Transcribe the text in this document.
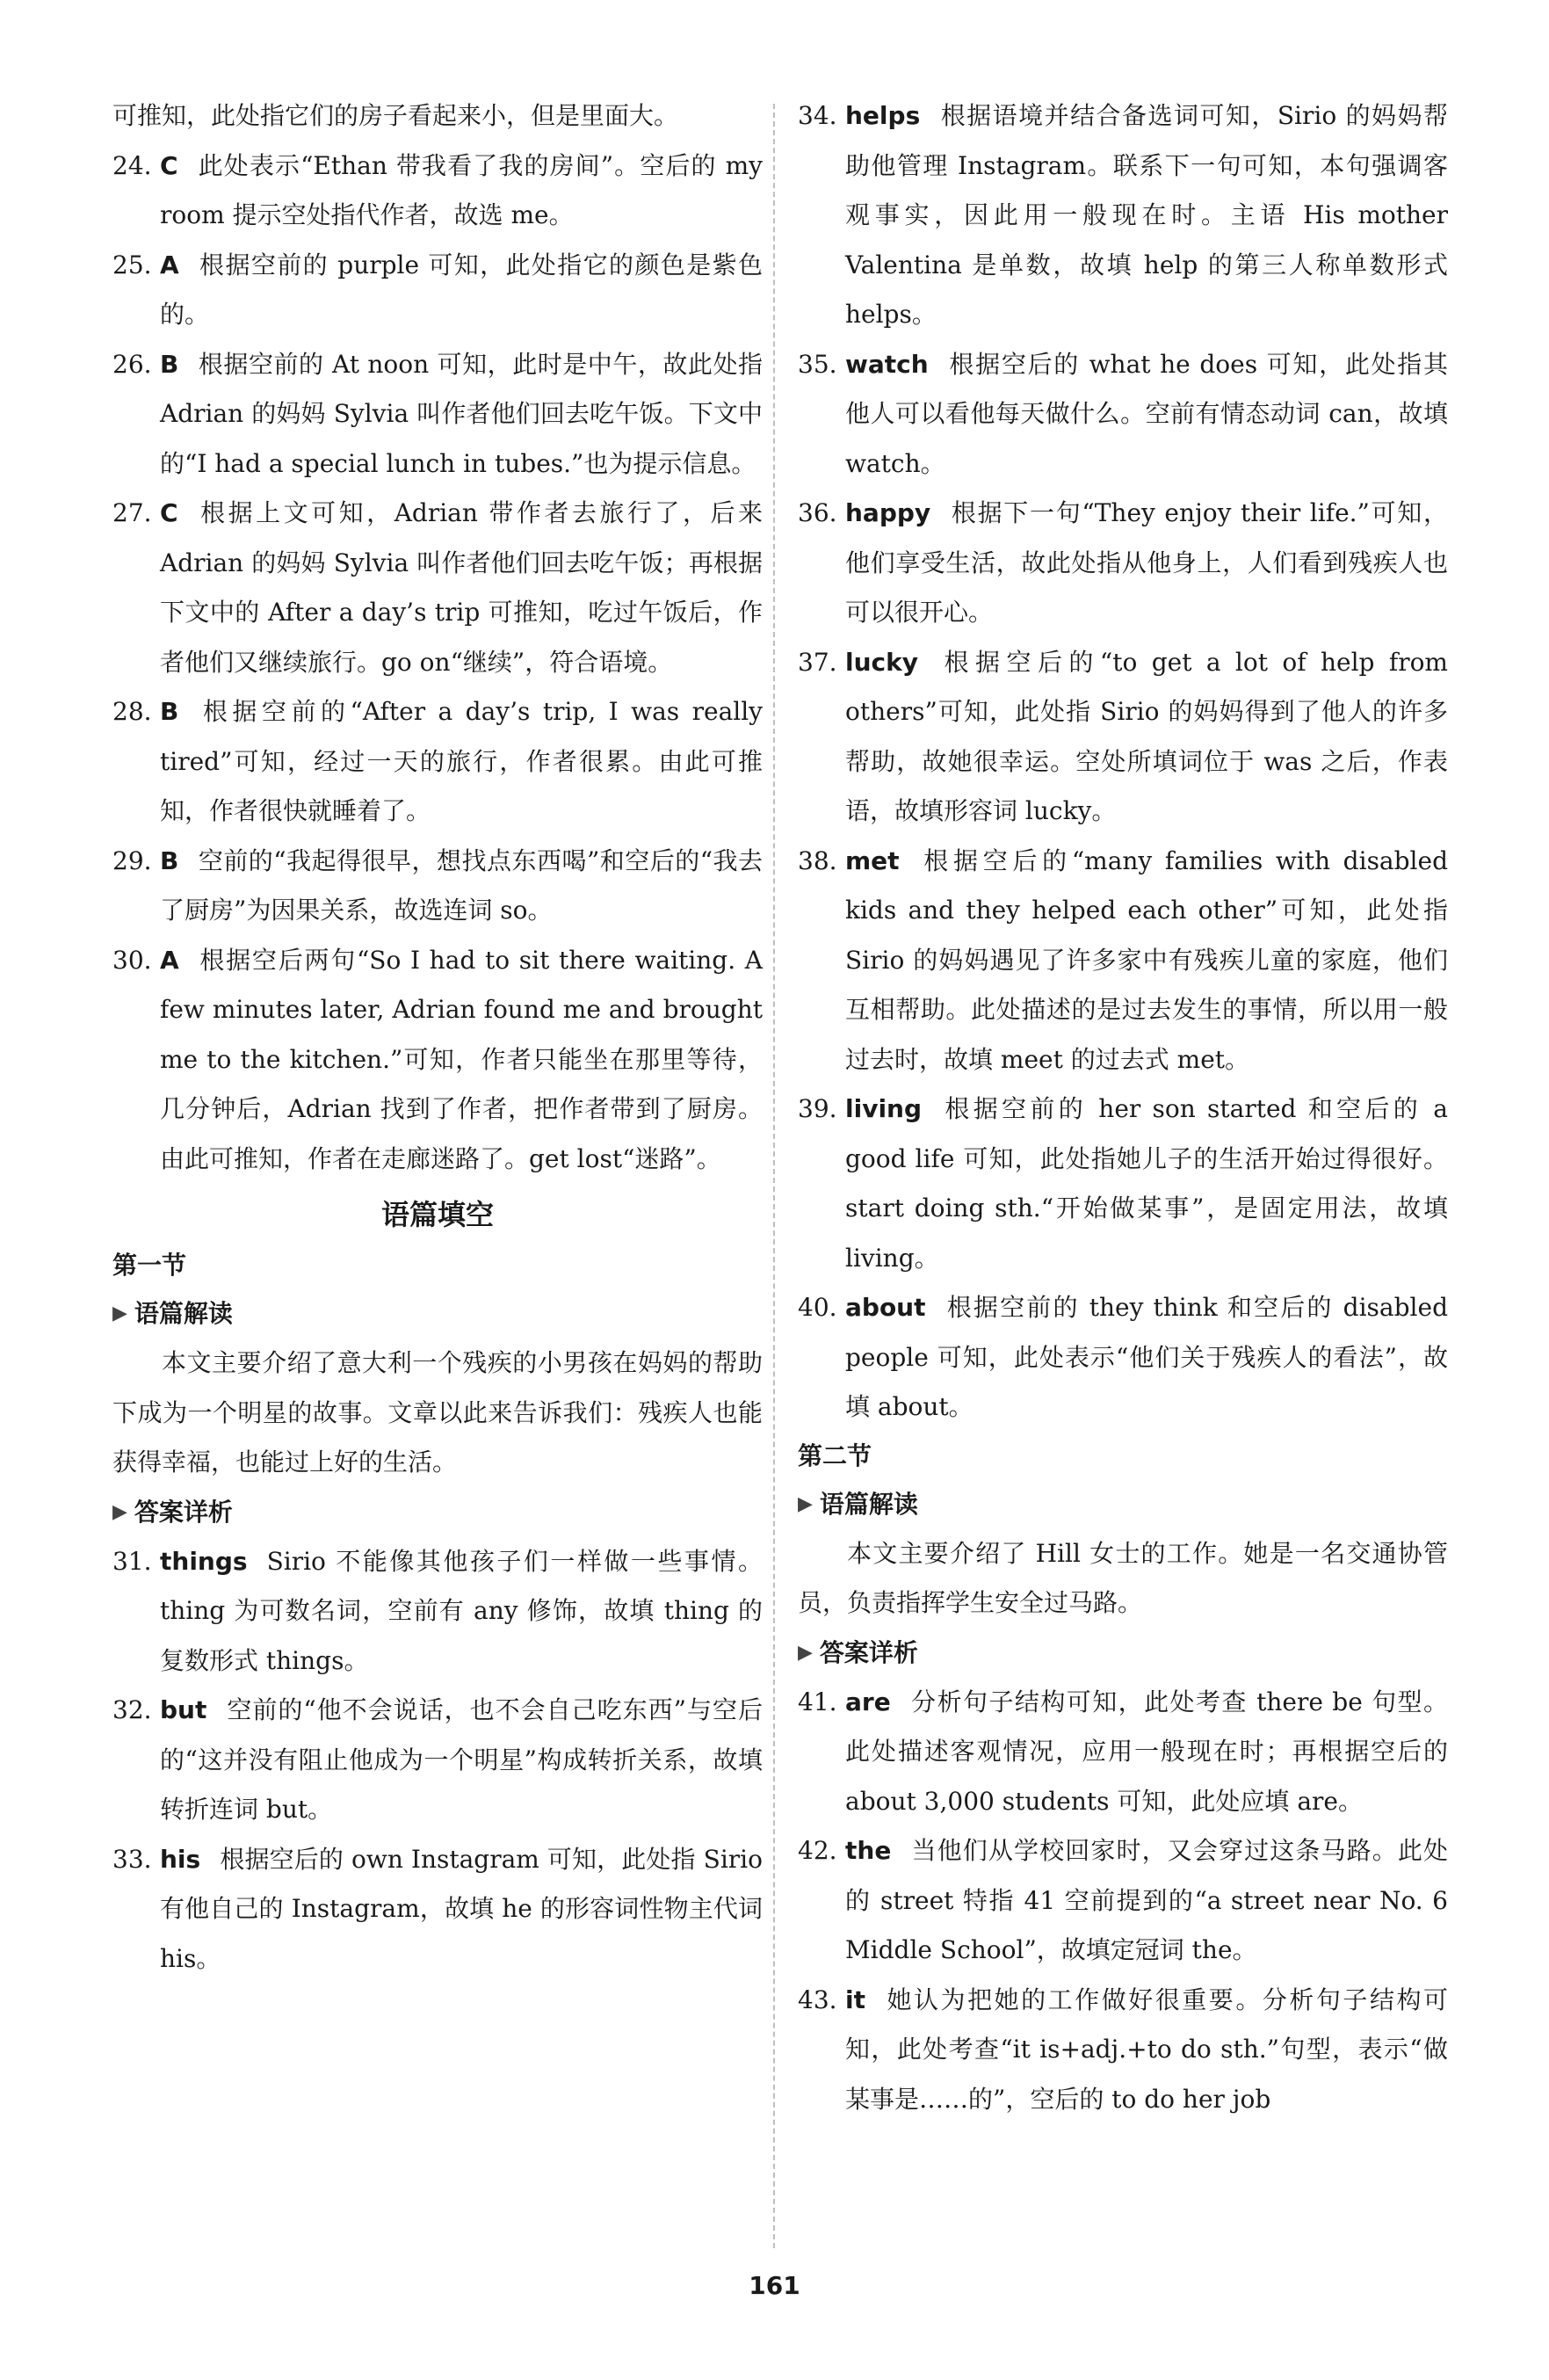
可推知，此处指它们的房子看起来小，但是里面大。

24. C 此处表示“Ethan 带我看了我的房间”。空后的 my room 提示空处指代作者，故选 me。
25. A 根据空前的 purple 可知，此处指它的颜色是紫色的。
26. B 根据空前的 At noon 可知，此时是中午，故此处指 Adrian 的妈妈 Sylvia 叫作者他们回去吃午饭。下文中的“I had a special lunch in tubes.”也为提示信息。
27. C 根据上文可知，Adrian 带作者去旅行了，后来 Adrian 的妈妈 Sylvia 叫作者他们回去吃午饭；再根据下文中的 After a day’s trip 可推知，吃过午饭后，作者他们又继续旅行。go on“继续”，符合语境。
28. B 根据空前的“After a day’s trip, I was really tired”可知，经过一天的旅行，作者很累。由此可推知，作者很快就睡着了。
29. B 空前的“我起得很早，想找点东西喝”和空后的“我去了厨房”为因果关系，故选连词 so。
30. A 根据空后两句“So I had to sit there waiting. A few minutes later, Adrian found me and brought me to the kitchen.”可知，作者只能坐在那里等待，几分钟后，Adrian 找到了作者，把作者带到了厨房。由此可推知，作者在走廊迷路了。get lost“迷路”。

语篇填空

第一节

▶ 语篇解读

本文主要介绍了意大利一个残疾的小男孩在妈妈的帮助下成为一个明星的故事。文章以此来告诉我们：残疾人也能获得幸福，也能过上好的生活。

▶ 答案详析

31. things Sirio 不能像其他孩子们一样做一些事情。thing 为可数名词，空前有 any 修饰，故填 thing 的复数形式 things。
32. but 空前的“他不会说话，也不会自己吃东西”与空后的“这并没有阻止他成为一个明星”构成转折关系，故填转折连词 but。
33. his 根据空后的 own Instagram 可知，此处指 Sirio 有他自己的 Instagram，故填 he 的形容词性物主代词 his。
34. helps 根据语境并结合备选词可知，Sirio 的妈妈帮助他管理 Instagram。联系下一句可知，本句强调客观事实，因此用一般现在时。主语 His mother Valentina 是单数，故填 help 的第三人称单数形式 helps。
35. watch 根据空后的 what he does 可知，此处指其他人可以看他每天做什么。空前有情态动词 can，故填 watch。
36. happy 根据下一句“They enjoy their life.”可知，他们享受生活，故此处指从他身上，人们看到残疾人也可以很开心。
37. lucky 根据空后的“to get a lot of help from others”可知，此处指 Sirio 的妈妈得到了他人的许多帮助，故她很幸运。空处所填词位于 was 之后，作表语，故填形容词 lucky。
38. met 根据空后的“many families with disabled kids and they helped each other”可知，此处指 Sirio 的妈妈遇见了许多家中有残疾儿童的家庭，他们互相帮助。此处描述的是过去发生的事情，所以用一般过去时，故填 meet 的过去式 met。
39. living 根据空前的 her son started 和空后的 a good life 可知，此处指她儿子的生活开始过得很好。start doing sth.“开始做某事”，是固定用法，故填 living。
40. about 根据空前的 they think 和空后的 disabled people 可知，此处表示“他们关于残疾人的看法”，故填 about。

第二节

▶ 语篇解读

本文主要介绍了 Hill 女士的工作。她是一名交通协管员，负责指挥学生安全过马路。

▶ 答案详析

41. are 分析句子结构可知，此处考查 there be 句型。此处描述客观情况，应用一般现在时；再根据空后的 about 3,000 students 可知，此处应填 are。
42. the 当他们从学校回家时，又会穿过这条马路。此处的 street 特指 41 空前提到的“a street near No. 6 Middle School”，故填定冠词 the。
43. it 她认为把她的工作做好很重要。分析句子结构可知，此处考查“it is+adj.+to do sth.”句型，表示“做某事是……的”，空后的 to do her job
161
